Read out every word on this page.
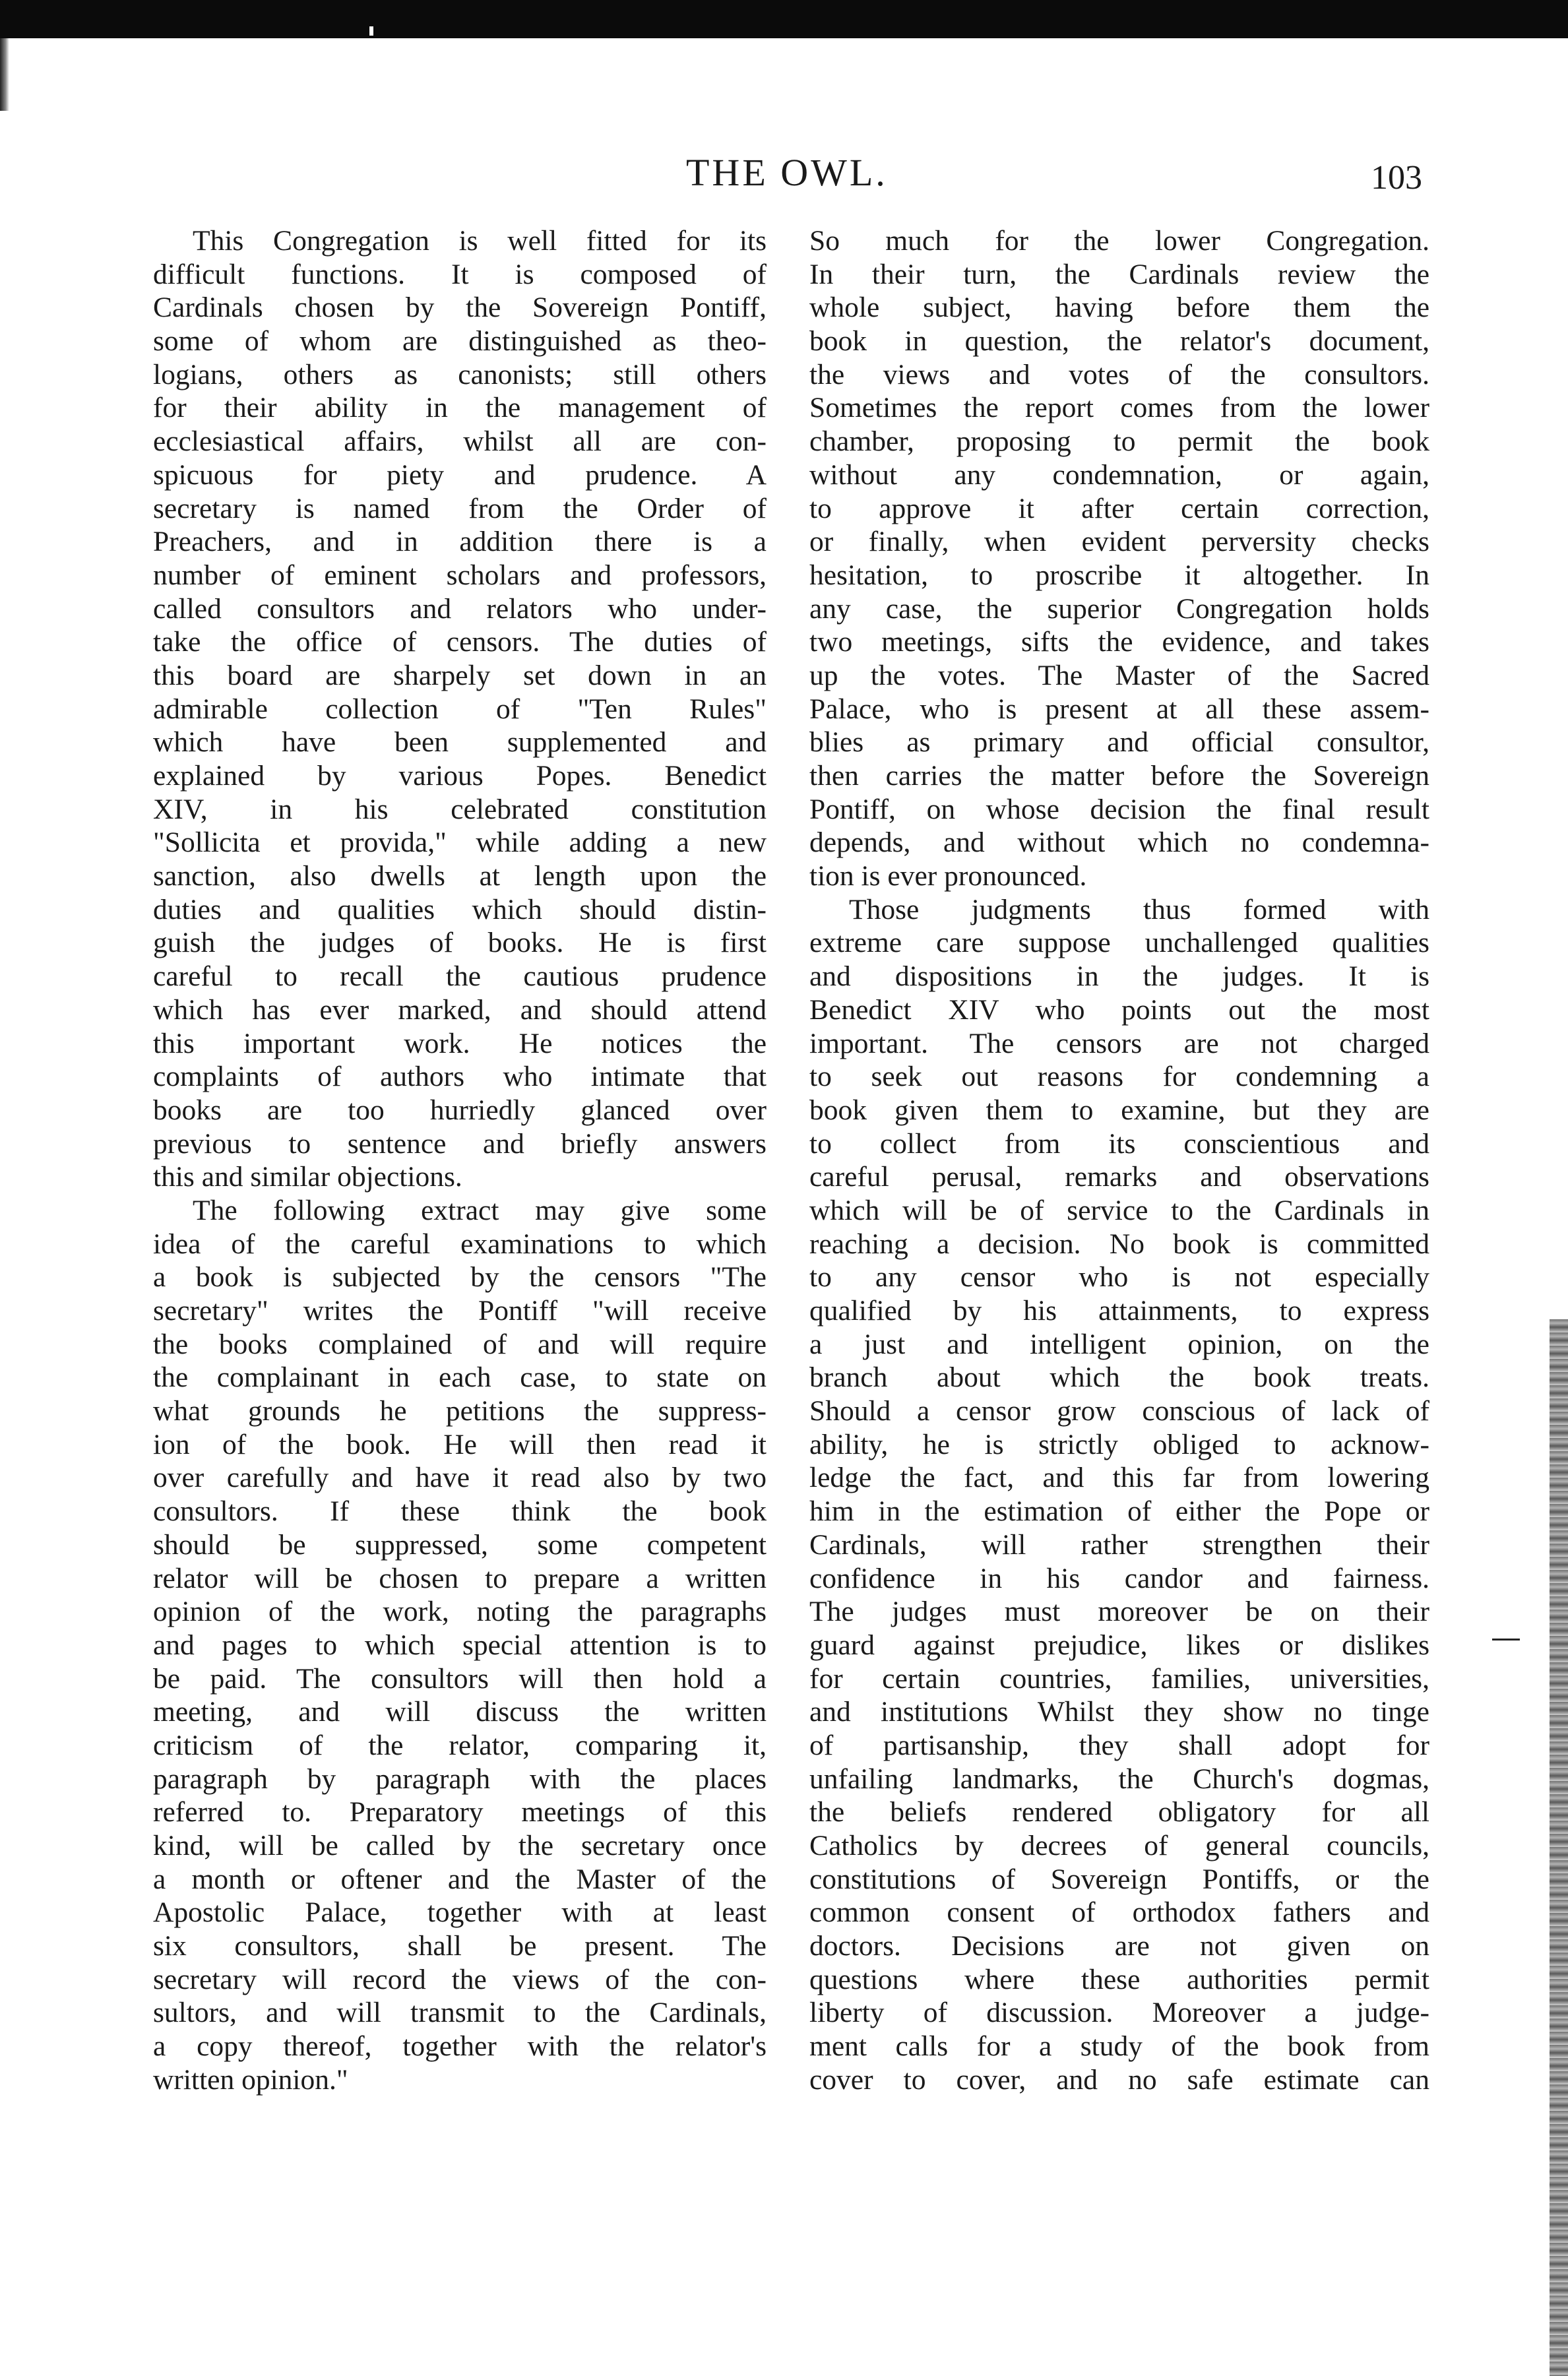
THE OWL.	103
This Congregation is well fitted for its
difficult functions. It is composed of
Cardinals chosen by the Sovereign Pontiff,
some of whom are distinguished as theo-
logians, others as canonists; still others
for their ability in the management of
ecclesiastical affairs, whilst all are con-
spicuous for piety and prudence. A
secretary is named from the Order of
Preachers, and in addition there is a
number of eminent scholars and professors,
called consultors and relators who under-
take the office of censors. The duties of
this board are sharpely set down in an
admirable collection of "Ten Rules"
which have been supplemented and
explained by various Popes. Benedict
XIV, in his celebrated constitution
"Sollicita et provida," while adding a new
sanction, also dwells at length upon the
duties and qualities which should distin-
guish the judges of books. He is first
careful to recall the cautious prudence
which has ever marked, and should attend
this important work. He notices the
complaints of authors who intimate that
books are too hurriedly glanced over
previous to sentence and briefly answers
this and similar objections.
The following extract may give some
idea of the careful examinations to which
a book is subjected by the censors "The
secretary" writes the Pontiff "will receive
the books complained of and will require
the complainant in each case, to state on
what grounds he petitions the suppress-
ion of the book. He will then read it
over carefully and have it read also by two
consultors. If these think the book
should be suppressed, some competent
relator will be chosen to prepare a written
opinion of the work, noting the paragraphs
and pages to which special attention is to
be paid. The consultors will then hold a
meeting, and will discuss the written
criticism of the relator, comparing it,
paragraph by paragraph with the places
referred to. Preparatory meetings of this
kind, will be called by the secretary once
a month or oftener and the Master of the
Apostolic Palace, together with at least
six consultors, shall be present. The
secretary will record the views of the con-
sultors, and will transmit to the Cardinals,
a copy thereof, together with the relator's
written opinion."
So much for the lower Congregation.
In their turn, the Cardinals review the
whole subject, having before them the
book in question, the relator's document,
the views and votes of the consultors.
Sometimes the report comes from the lower
chamber, proposing to permit the book
without any condemnation, or again,
to approve it after certain correction,
or finally, when evident perversity checks
hesitation, to proscribe it altogether. In
any case, the superior Congregation holds
two meetings, sifts the evidence, and takes
up the votes. The Master of the Sacred
Palace, who is present at all these assem-
blies as primary and official consultor,
then carries the matter before the Sovereign
Pontiff, on whose decision the final result
depends, and without which no condemna-
tion is ever pronounced.
Those judgments thus formed with
extreme care suppose unchallenged qualities
and dispositions in the judges. It is
Benedict XIV who points out the most
important. The censors are not charged
to seek out reasons for condemning a
book given them to examine, but they are
to collect from its conscientious and
careful perusal, remarks and observations
which will be of service to the Cardinals in
reaching a decision. No book is committed
to any censor who is not especially
qualified by his attainments, to express
a just and intelligent opinion, on the
branch about which the book treats.
Should a censor grow conscious of lack of
ability, he is strictly obliged to acknow-
ledge the fact, and this far from lowering
him in the estimation of either the Pope or
Cardinals, will rather strengthen their
confidence in his candor and fairness.
The judges must moreover be on their
guard against prejudice, likes or dislikes
for certain countries, families, universities,
and institutions Whilst they show no tinge
of partisanship, they shall adopt for
unfailing landmarks, the Church's dogmas,
the beliefs rendered obligatory for all
Catholics by decrees of general councils,
constitutions of Sovereign Pontiffs, or the
common consent of orthodox fathers and
doctors. Decisions are not given on
questions where these authorities permit
liberty of discussion. Moreover a judge-
ment calls for a study of the book from
cover to cover, and no safe estimate can
